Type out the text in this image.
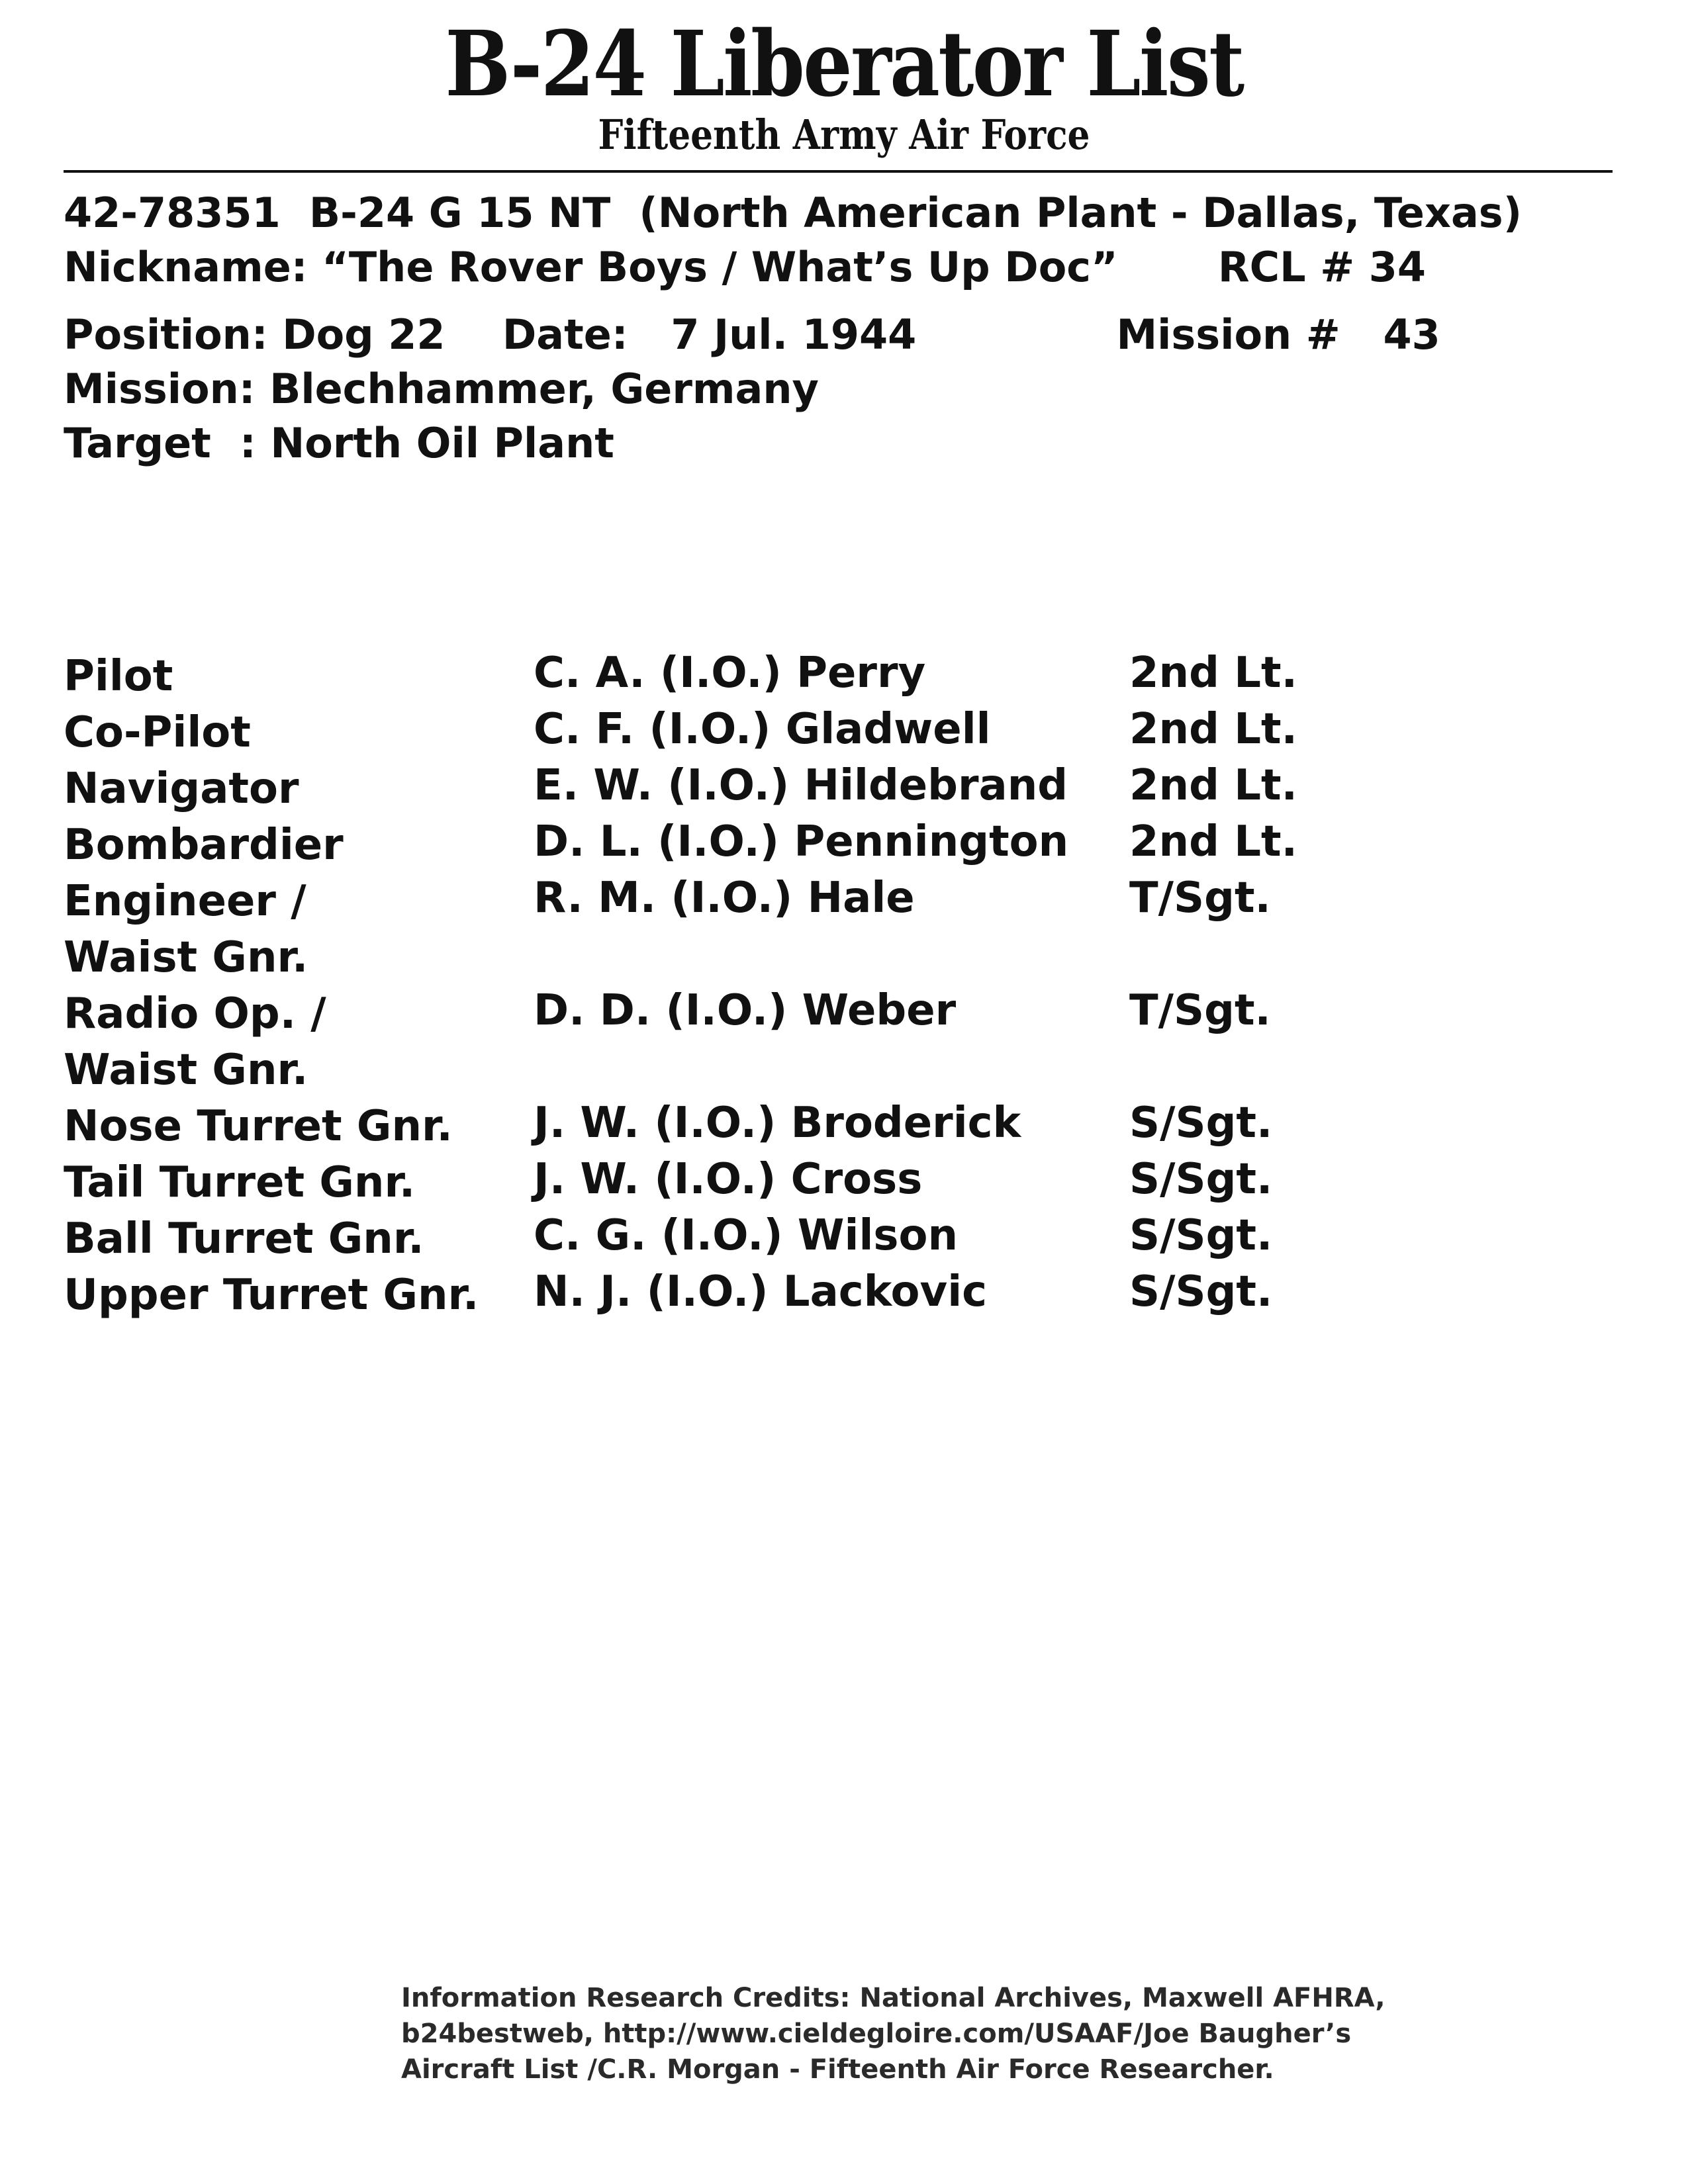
B-24 Liberator List
Fifteenth Army Air Force
42-78351  B-24 G 15 NT  (North American Plant - Dallas, Texas)
Nickname: “The Rover Boys / What’s Up Doc”       RCL # 34
Position: Dog 22    Date:   7 Jul. 1944              Mission #   43
Mission: Blechhammer, Germany
Target  : North Oil Plant
Pilot	C. A. (I.O.) Perry	2nd Lt.
Co-Pilot	C. F. (I.O.) Gladwell	2nd Lt.
Navigator	E. W. (I.O.) Hildebrand	2nd Lt.
Bombardier	D. L. (I.O.) Pennington	2nd Lt.
Engineer /
Waist Gnr.
R. M. (I.O.) Hale	T/Sgt.
Radio Op. /
Waist Gnr.
D. D. (I.O.) Weber	T/Sgt.
Nose Turret Gnr.	J. W. (I.O.) Broderick	S/Sgt.
Tail Turret Gnr.	J. W. (I.O.) Cross	S/Sgt.
Ball Turret Gnr.	C. G. (I.O.) Wilson	S/Sgt.
Upper Turret Gnr.	N. J. (I.O.) Lackovic	S/Sgt.
Information Research Credits: National Archives, Maxwell AFHRA,
b24bestweb, http://www.cieldegloire.com/USAAF/Joe Baugher’s
Aircraft List /C.R. Morgan - Fifteenth Air Force Researcher.
